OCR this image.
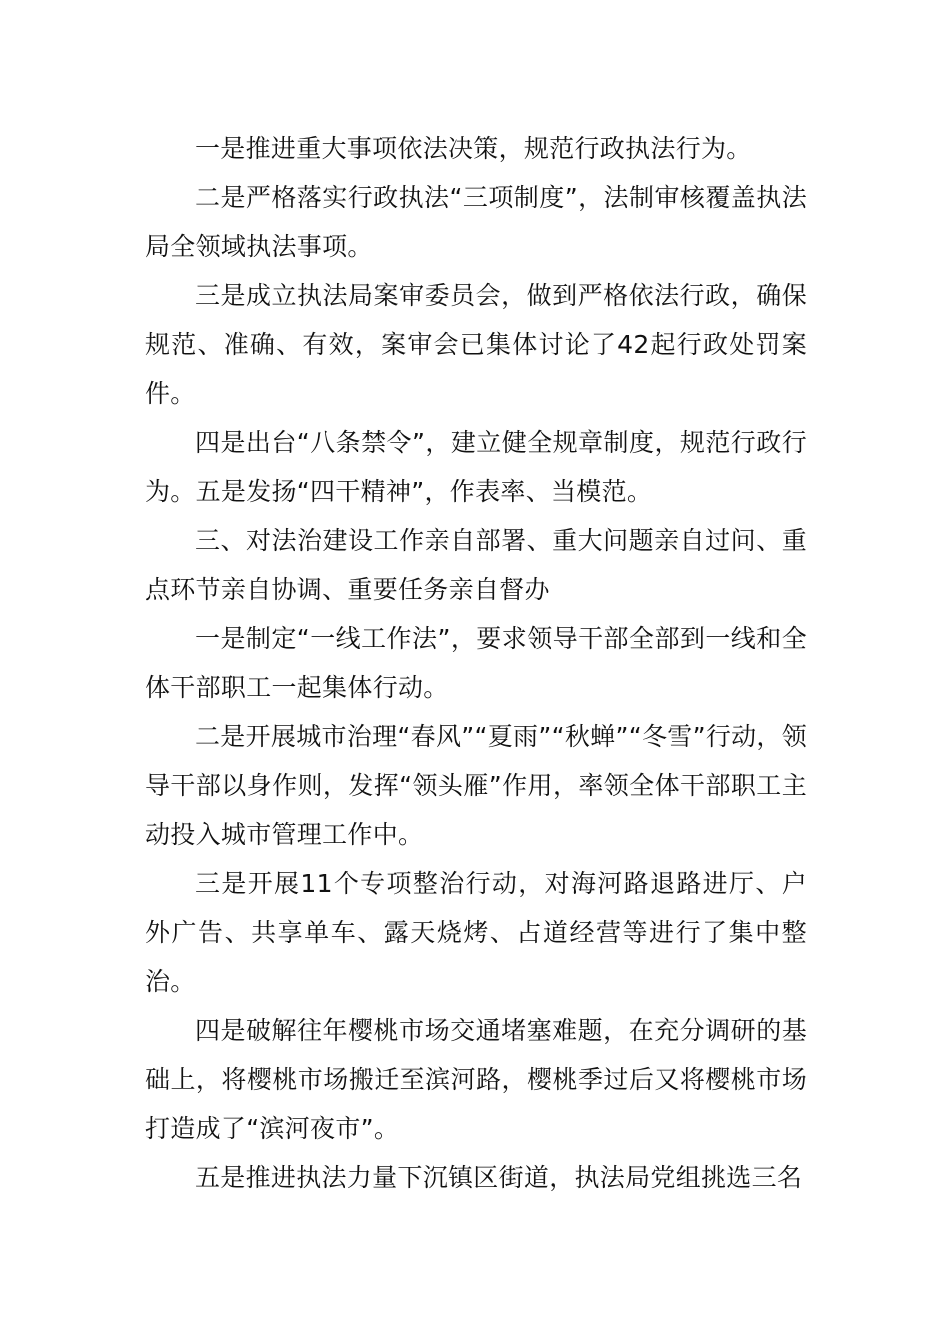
一是推进重大事项依法决策，规范行政执法行为。

二是严格落实行政执法“三项制度”，法制审核覆盖执法局全领域执法事项。

三是成立执法局案审委员会，做到严格依法行政，确保规范、准确、有效，案审会已集体讨论了42起行政处罚案件。

四是出台“八条禁令”，建立健全规章制度，规范行政行为。五是发扬“四干精神”，作表率、当模范。

三、对法治建设工作亲自部署、重大问题亲自过问、重点环节亲自协调、重要任务亲自督办

一是制定“一线工作法”，要求领导干部全部到一线和全体干部职工一起集体行动。

二是开展城市治理“春风”“夏雨”“秋蝉”“冬雪”行动，领导干部以身作则，发挥“领头雁”作用，率领全体干部职工主动投入城市管理工作中。

三是开展11个专项整治行动，对海河路退路进厅、户外广告、共享单车、露天烧烤、占道经营等进行了集中整治。

四是破解往年樱桃市场交通堵塞难题，在充分调研的基础上，将樱桃市场搬迁至滨河路，樱桃季过后又将樱桃市场打造成了“滨河夜市”。

五是推进执法力量下沉镇区街道，执法局党组挑选三名
